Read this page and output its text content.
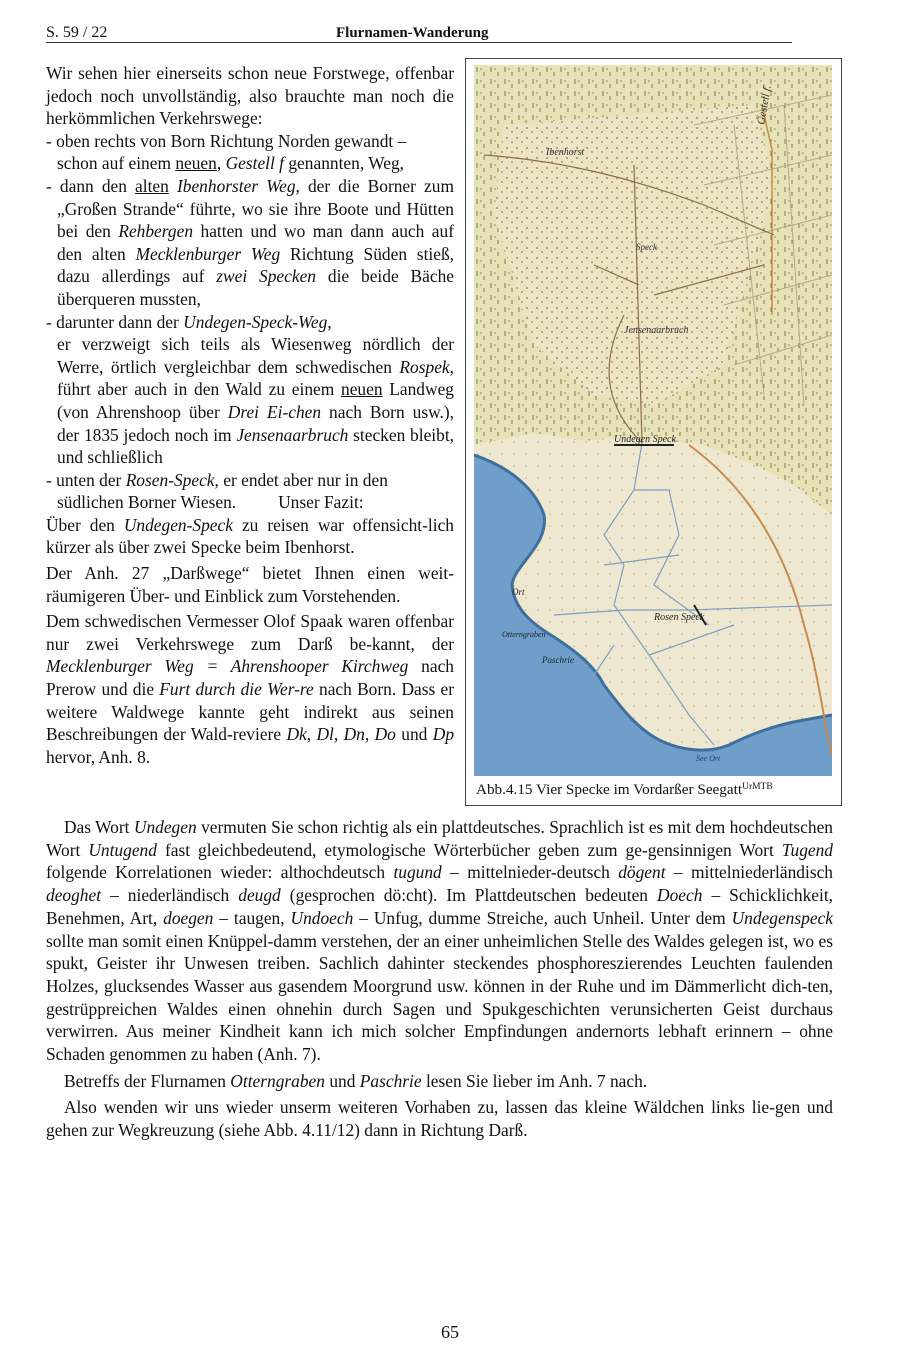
S. 59 / 22	Flurnamen-Wanderung

Wir sehen hier einerseits schon neue Forstwege, offenbar jedoch noch unvollständig, also brauchte man noch die herkömmlichen Verkehrswege:

- oben rechts von Born Richtung Norden gewandt –
schon auf einem neuen, Gestell f genannten, Weg,

- dann den alten Ibenhorster Weg, der die Borner zum „Großen Strande“ führte, wo sie ihre Boote und Hütten bei den Rehbergen hatten und wo man dann auch auf den alten Mecklenburger Weg Richtung Süden stieß, dazu allerdings auf zwei Specken die beide Bäche überqueren mussten,

- darunter dann der Undegen-Speck-Weg,
er verzweigt sich teils als Wiesenweg nördlich der Werre, örtlich vergleichbar dem schwedischen Rospek, führt aber auch in den Wald zu einem neuen Landweg (von Ahrenshoop über Drei Ei-chen nach Born usw.), der 1835 jedoch noch im Jensenaarbruch stecken bleibt, und schließlich

- unten der Rosen-Speck, er endet aber nur in den
südlichen Borner Wiesen. Unser Fazit:

Über den Undegen-Speck zu reisen war offensicht-lich kürzer als über zwei Specke beim Ibenhorst.

Der Anh. 27 „Darßwege“ bietet Ihnen einen weit-räumigeren Über- und Einblick zum Vorstehenden.

Dem schwedischen Vermesser Olof Spaak waren offenbar nur zwei Verkehrswege zum Darß be-kannt, der Mecklenburger Weg = Ahrenshooper Kirchweg nach Prerow und die Furt durch die Wer-re nach Born. Dass er weitere Waldwege kannte geht indirekt aus seinen Beschreibungen der Wald-reviere Dk, Dl, Dn, Do und Dp hervor, Anh. 8.

Gestell f.
Ibenhorst
Speck
Jensenaarbruch
Undegen Speck
Rosen Speck
Ort
Otterngraben
Paschrie
See Ort
Abb.4.15 Vier Specke im Vordarßer Seegatt$^{UrMTB}$

Das Wort Undegen vermuten Sie schon richtig als ein plattdeutsches. Sprachlich ist es mit dem hochdeutschen Wort Untugend fast gleichbedeutend, etymologische Wörterbücher geben zum ge-gensinnigen Wort Tugend folgende Korrelationen wieder: althochdeutsch tugund – mittelnieder-deutsch dögent – mittelniederländisch deoghet – niederländisch deugd (gesprochen dö:cht). Im Plattdeutschen bedeuten Doech – Schicklichkeit, Benehmen, Art, doegen – taugen, Undoech – Unfug, dumme Streiche, auch Unheil. Unter dem Undegenspeck sollte man somit einen Knüppel-damm verstehen, der an einer unheimlichen Stelle des Waldes gelegen ist, wo es spukt, Geister ihr Unwesen treiben. Sachlich dahinter steckendes phosphoreszierendes Leuchten faulenden Holzes, glucksendes Wasser aus gasendem Moorgrund usw. können in der Ruhe und im Dämmerlicht dich-ten, gestrüppreichen Waldes einen ohnehin durch Sagen und Spukgeschichten verunsicherten Geist durchaus verwirren. Aus meiner Kindheit kann ich mich solcher Empfindungen andernorts lebhaft erinnern – ohne Schaden genommen zu haben (Anh. 7).

Betreffs der Flurnamen Otterngraben und Paschrie lesen Sie lieber im Anh. 7 nach.

Also wenden wir uns wieder unserm weiteren Vorhaben zu, lassen das kleine Wäldchen links lie-gen und gehen zur Wegkreuzung (siehe Abb. 4.11/12) dann in Richtung Darß.

65
